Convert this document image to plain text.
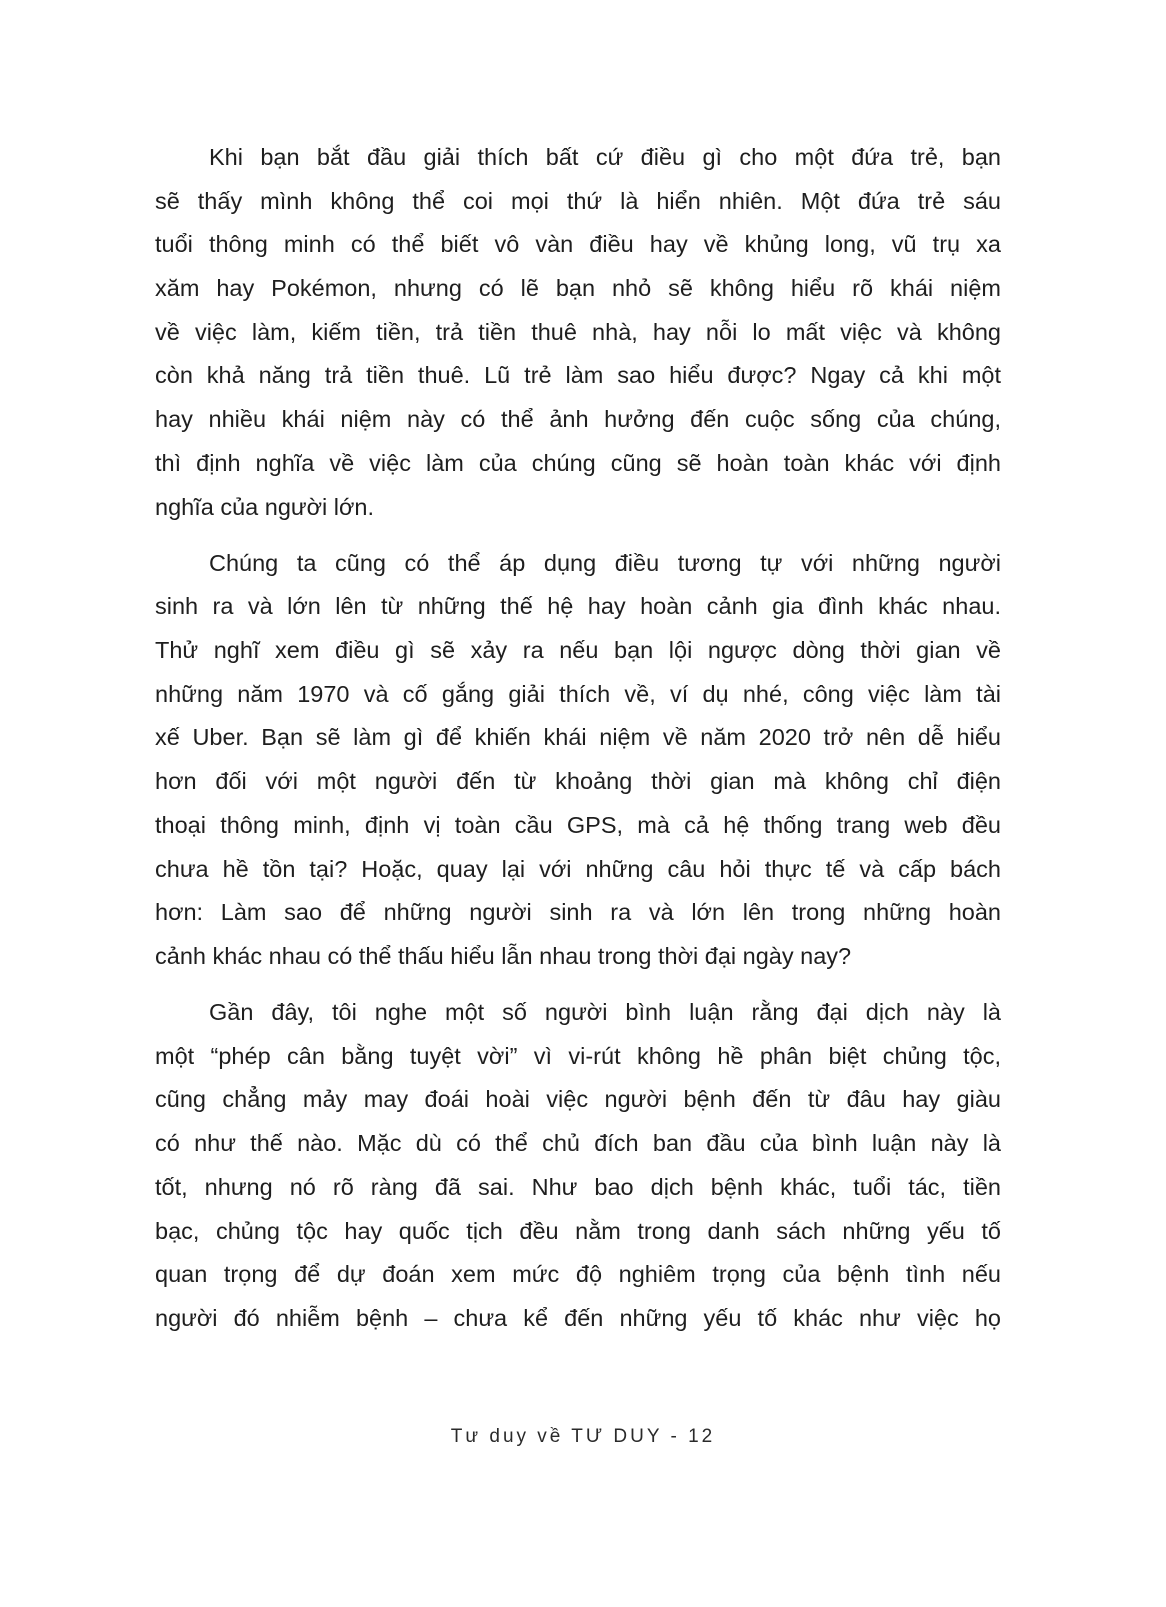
Khi bạn bắt đầu giải thích bất cứ điều gì cho một đứa trẻ, bạn
sẽ thấy mình không thể coi mọi thứ là hiển nhiên. Một đứa trẻ sáu
tuổi thông minh có thể biết vô vàn điều hay về khủng long, vũ trụ xa
xăm hay Pokémon, nhưng có lẽ bạn nhỏ sẽ không hiểu rõ khái niệm
về việc làm, kiếm tiền, trả tiền thuê nhà, hay nỗi lo mất việc và không
còn khả năng trả tiền thuê. Lũ trẻ làm sao hiểu được? Ngay cả khi một
hay nhiều khái niệm này có thể ảnh hưởng đến cuộc sống của chúng,
thì định nghĩa về việc làm của chúng cũng sẽ hoàn toàn khác với định
nghĩa của người lớn.
Chúng ta cũng có thể áp dụng điều tương tự với những người
sinh ra và lớn lên từ những thế hệ hay hoàn cảnh gia đình khác nhau.
Thử nghĩ xem điều gì sẽ xảy ra nếu bạn lội ngược dòng thời gian về
những năm 1970 và cố gắng giải thích về, ví dụ nhé, công việc làm tài
xế Uber. Bạn sẽ làm gì để khiến khái niệm về năm 2020 trở nên dễ hiểu
hơn đối với một người đến từ khoảng thời gian mà không chỉ điện
thoại thông minh, định vị toàn cầu GPS, mà cả hệ thống trang web đều
chưa hề tồn tại? Hoặc, quay lại với những câu hỏi thực tế và cấp bách
hơn: Làm sao để những người sinh ra và lớn lên trong những hoàn
cảnh khác nhau có thể thấu hiểu lẫn nhau trong thời đại ngày nay?
Gần đây, tôi nghe một số người bình luận rằng đại dịch này là
một “phép cân bằng tuyệt vời” vì vi-rút không hề phân biệt chủng tộc,
cũng chẳng mảy may đoái hoài việc người bệnh đến từ đâu hay giàu
có như thế nào. Mặc dù có thể chủ đích ban đầu của bình luận này là
tốt, nhưng nó rõ ràng đã sai. Như bao dịch bệnh khác, tuổi tác, tiền
bạc, chủng tộc hay quốc tịch đều nằm trong danh sách những yếu tố
quan trọng để dự đoán xem mức độ nghiêm trọng của bệnh tình nếu
người đó nhiễm bệnh – chưa kể đến những yếu tố khác như việc họ
Tư duy về TƯ DUY - 12
